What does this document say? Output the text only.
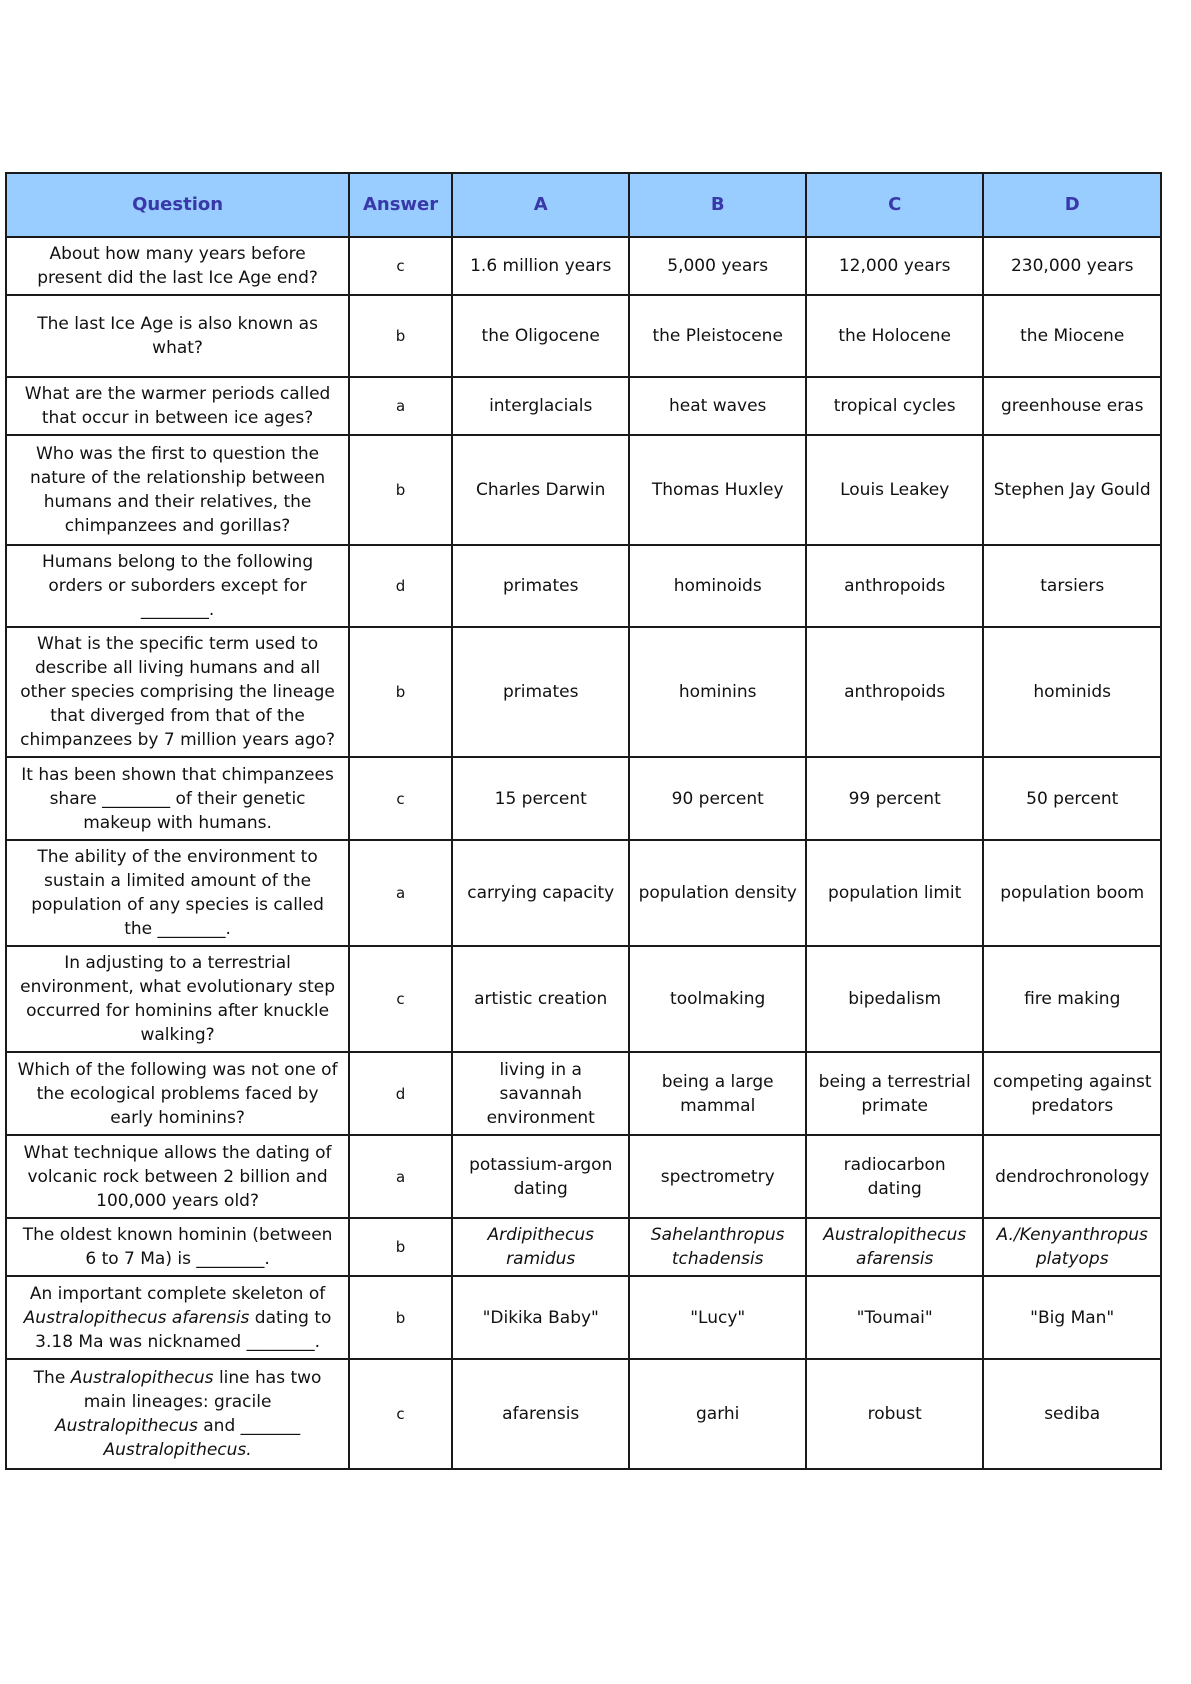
Question	Answer	A	B	C	D
About how many years before present did the last Ice Age end?	c	1.6 million years	5,000 years	12,000 years	230,000 years
The last Ice Age is also known as what?	b	the Oligocene	the Pleistocene	the Holocene	the Miocene
What are the warmer periods called that occur in between ice ages?	a	interglacials	heat waves	tropical cycles	greenhouse eras
Who was the first to question the nature of the relationship between humans and their relatives, the chimpanzees and gorillas?	b	Charles Darwin	Thomas Huxley	Louis Leakey	Stephen Jay Gould
Humans belong to the following orders or suborders except for ________.	d	primates	hominoids	anthropoids	tarsiers
What is the specific term used to describe all living humans and all other species comprising the lineage that diverged from that of the chimpanzees by 7 million years ago?	b	primates	hominins	anthropoids	hominids
It has been shown that chimpanzees share ________ of their genetic makeup with humans.	c	15 percent	90 percent	99 percent	50 percent
The ability of the environment to sustain a limited amount of the population of any species is called the ________.	a	carrying capacity	population density	population limit	population boom
In adjusting to a terrestrial environment, what evolutionary step occurred for hominins after knuckle walking?	c	artistic creation	toolmaking	bipedalism	fire making
Which of the following was not one of the ecological problems faced by early hominins?	d	living in a savannah environment	being a large mammal	being a terrestrial primate	competing against predators
What technique allows the dating of volcanic rock between 2 billion and 100,000 years old?	a	potassium-argon dating	spectrometry	radiocarbon dating	dendrochronology
The oldest known hominin (between 6 to 7 Ma) is ________.	b	Ardipithecus ramidus	Sahelanthropus tchadensis	Australopithecus afarensis	A./Kenyanthropus platyops
An important complete skeleton of Australopithecus afarensis dating to 3.18 Ma was nicknamed ________.	b	"Dikika Baby"	"Lucy"	"Toumai"	"Big Man"
The Australopithecus line has two main lineages: gracile Australopithecus and _______ Australopithecus.	c	afarensis	garhi	robust	sediba
